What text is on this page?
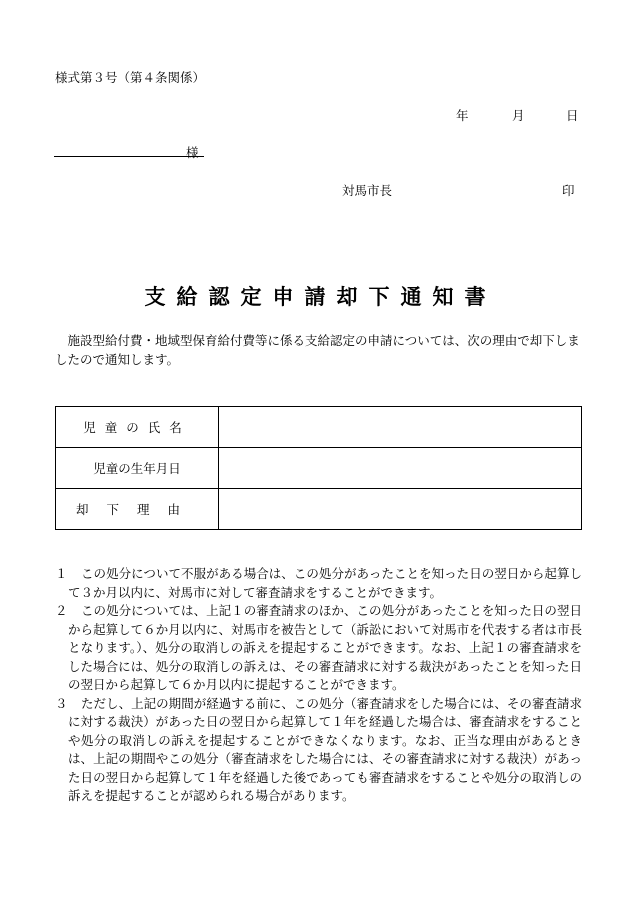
様式第３号（第４条関係）
年	月	日
様
対馬市長	印
支給認定申請却下通知書
施設型給付費・地域型保育給付費等に係る支給認定の申請については、次の理由で却下しましたので通知します。
児童の氏名	
児童の生年月日	
却下理由	
１	この処分について不服がある場合は、この処分があったことを知った日の翌日から起算して３か月以内に、対馬市に対して審査請求をすることができます。
２	この処分については、上記１の審査請求のほか、この処分があったことを知った日の翌日から起算して６か月以内に、対馬市を被告として（訴訟において対馬市を代表する者は市長となります。）、処分の取消しの訴えを提起することができます。なお、上記１の審査請求をした場合には、処分の取消しの訴えは、その審査請求に対する裁決があったことを知った日の翌日から起算して６か月以内に提起することができます。
３	ただし、上記の期間が経過する前に、この処分（審査請求をした場合には、その審査請求に対する裁決）があった日の翌日から起算して１年を経過した場合は、審査請求をすることや処分の取消しの訴えを提起することができなくなります。なお、正当な理由があるときは、上記の期間やこの処分（審査請求をした場合には、その審査請求に対する裁決）があった日の翌日から起算して１年を経過した後であっても審査請求をすることや処分の取消しの訴えを提起することが認められる場合があります。
